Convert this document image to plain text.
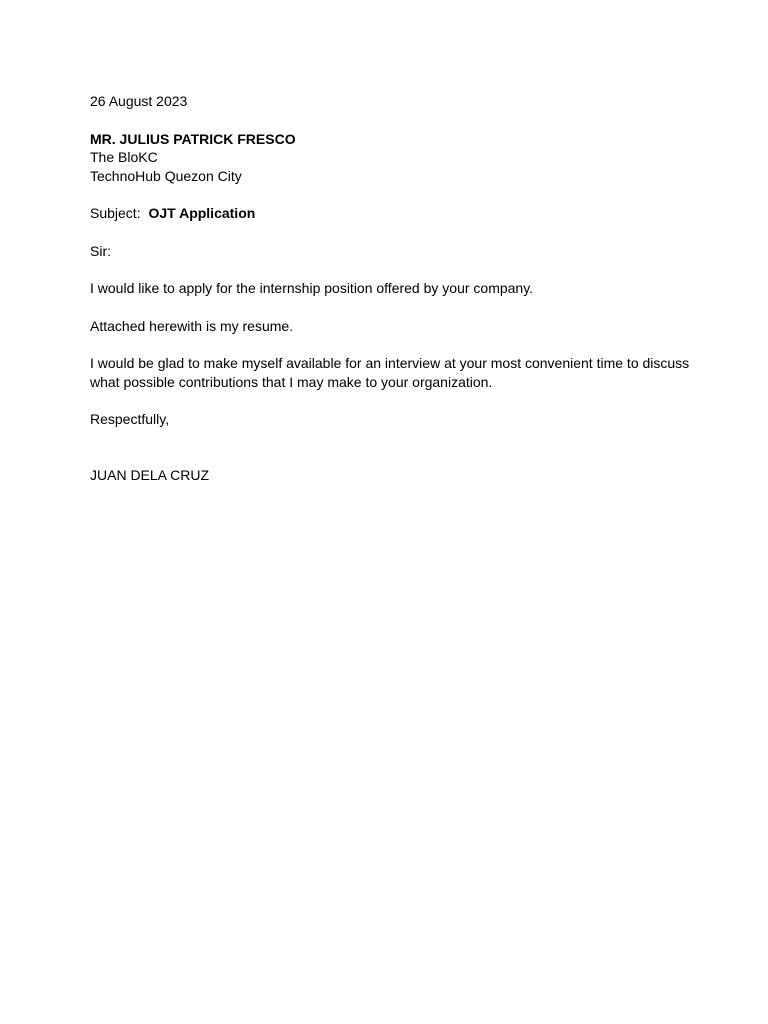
26 August 2023
MR. JULIUS PATRICK FRESCO
The BloKC
TechnoHub Quezon City
Subject: OJT Application
Sir:
I would like to apply for the internship position offered by your company.
Attached herewith is my resume.
I would be glad to make myself available for an interview at your most convenient time to discuss what possible contributions that I may make to your organization.
Respectfully,
JUAN DELA CRUZ
